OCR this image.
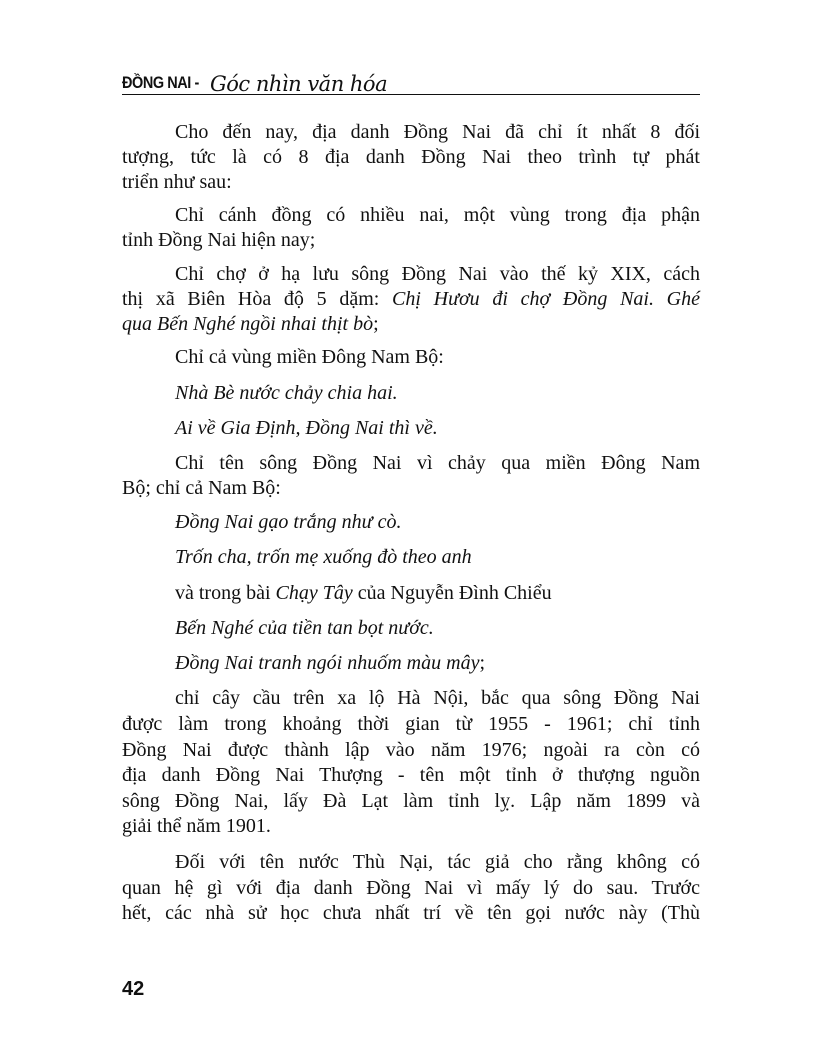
ĐỒNG NAI - Góc nhìn văn hóa
Cho đến nay, địa danh Đồng Nai đã chỉ ít nhất 8 đối
tượng, tức là có 8 địa danh Đồng Nai theo trình tự phát
triển như sau:
Chỉ cánh đồng có nhiều nai, một vùng trong địa phận
tỉnh Đồng Nai hiện nay;
Chỉ chợ ở hạ lưu sông Đồng Nai vào thế kỷ XIX, cách
thị xã Biên Hòa độ 5 dặm: Chị Hươu đi chợ Đồng Nai. Ghé
qua Bến Nghé ngồi nhai thịt bò;
Chỉ cả vùng miền Đông Nam Bộ:
Nhà Bè nước chảy chia hai.
Ai về Gia Định, Đồng Nai thì về.
Chỉ tên sông Đồng Nai vì chảy qua miền Đông Nam
Bộ; chỉ cả Nam Bộ:
Đồng Nai gạo trắng như cò.
Trốn cha, trốn mẹ xuống đò theo anh
và trong bài Chạy Tây của Nguyễn Đình Chiểu
Bến Nghé của tiền tan bọt nước.
Đồng Nai tranh ngói nhuốm màu mây;
chỉ cây cầu trên xa lộ Hà Nội, bắc qua sông Đồng Nai
được làm trong khoảng thời gian từ 1955 - 1961; chỉ tỉnh
Đồng Nai được thành lập vào năm 1976; ngoài ra còn có
địa danh Đồng Nai Thượng - tên một tỉnh ở thượng nguồn
sông Đồng Nai, lấy Đà Lạt làm tỉnh lỵ. Lập năm 1899 và
giải thể năm 1901.
Đối với tên nước Thù Nại, tác giả cho rằng không có
quan hệ gì với địa danh Đồng Nai vì mấy lý do sau. Trước
hết, các nhà sử học chưa nhất trí về tên gọi nước này (Thù
42
